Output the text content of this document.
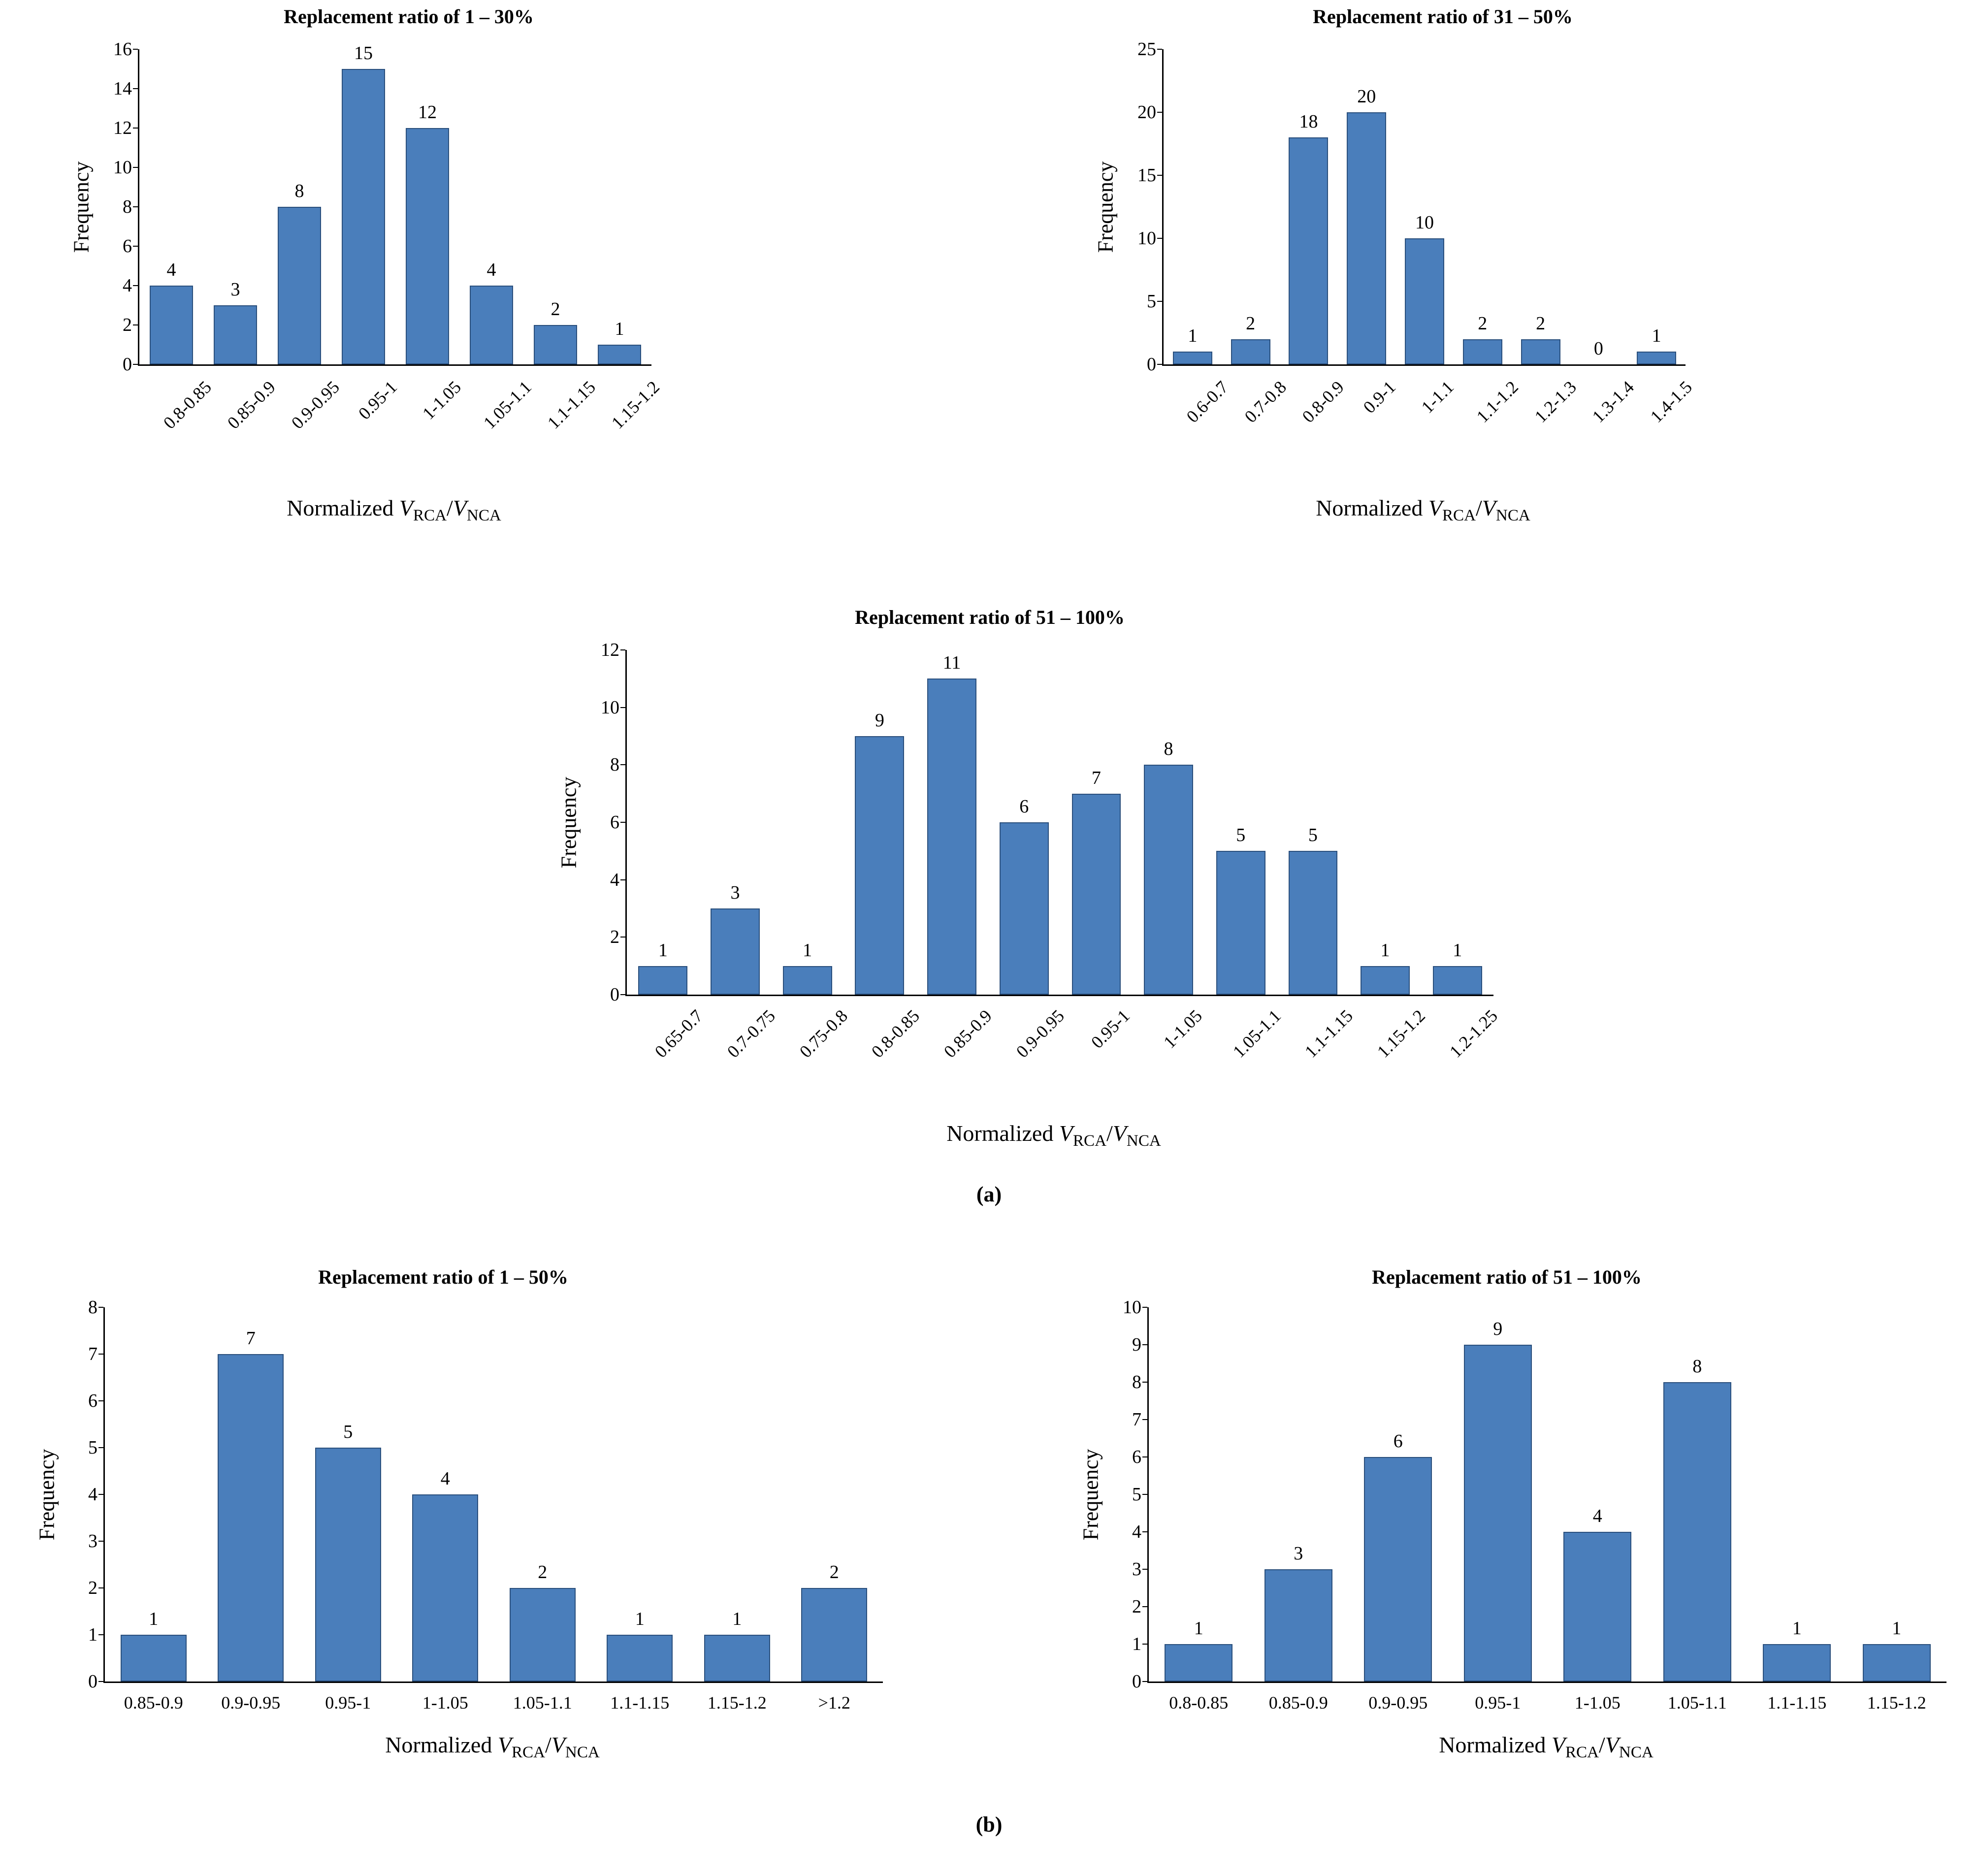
Replacement ratio of 1 – 30%
Frequency
0
2
4
6
8
10
12
14
16
4
3
8
15
12
4
2
1
0.8-0.85 0.85-0.9 0.9-0.95 0.95-1 1-1.05 1.05-1.1 1.1-1.15 1.15-1.2
Normalized $V_{RCA}/V_{NCA}$
Replacement ratio of 31 – 50%
Frequency
0
5
10
15
20
25
1
2
18
20
10
2	2
0
1
0.6-0.7 0.7-0.8 0.8-0.9 0.9-1 1-1.1 1.1-1.2 1.2-1.3 1.3-1.4 1.4-1.5
Normalized $V_{RCA}/V_{NCA}$
Replacement ratio of 51 – 100%
Frequency
0
2
4
6
8
10
12
1
3
1
9
11
6
7
8
5	5
1	1
0.65-0.7 0.7-0.75 0.75-0.8 0.8-0.85 0.85-0.9 0.9-0.95 0.95-1 1-1.05 1.05-1.1 1.1-1.15 1.15-1.2 1.2-1.25
Normalized $V_{RCA}/V_{NCA}$
(a)
Replacement ratio of 1 – 50%
Frequency
0
1
2
3
4
5
6
7
8
1
7
5
4
2
1	1
2
0.85-0.9 0.9-0.95	0.95-1	1-1.05	1.05-1.1 1.1-1.15 1.15-1.2	>1.2
Normalized $V_{RCA}/V_{NCA}$
Replacement ratio of 51 – 100%
Frequency
0
1
2
3
4
5
6
7
8
9
10
1
3
6
9
4
8
1	1
0.8-0.85 0.85-0.9 0.9-0.95	0.95-1	1-1.05	1.05-1.1 1.1-1.15 1.15-1.2
Normalized $V_{RCA}/V_{NCA}$
(b)
